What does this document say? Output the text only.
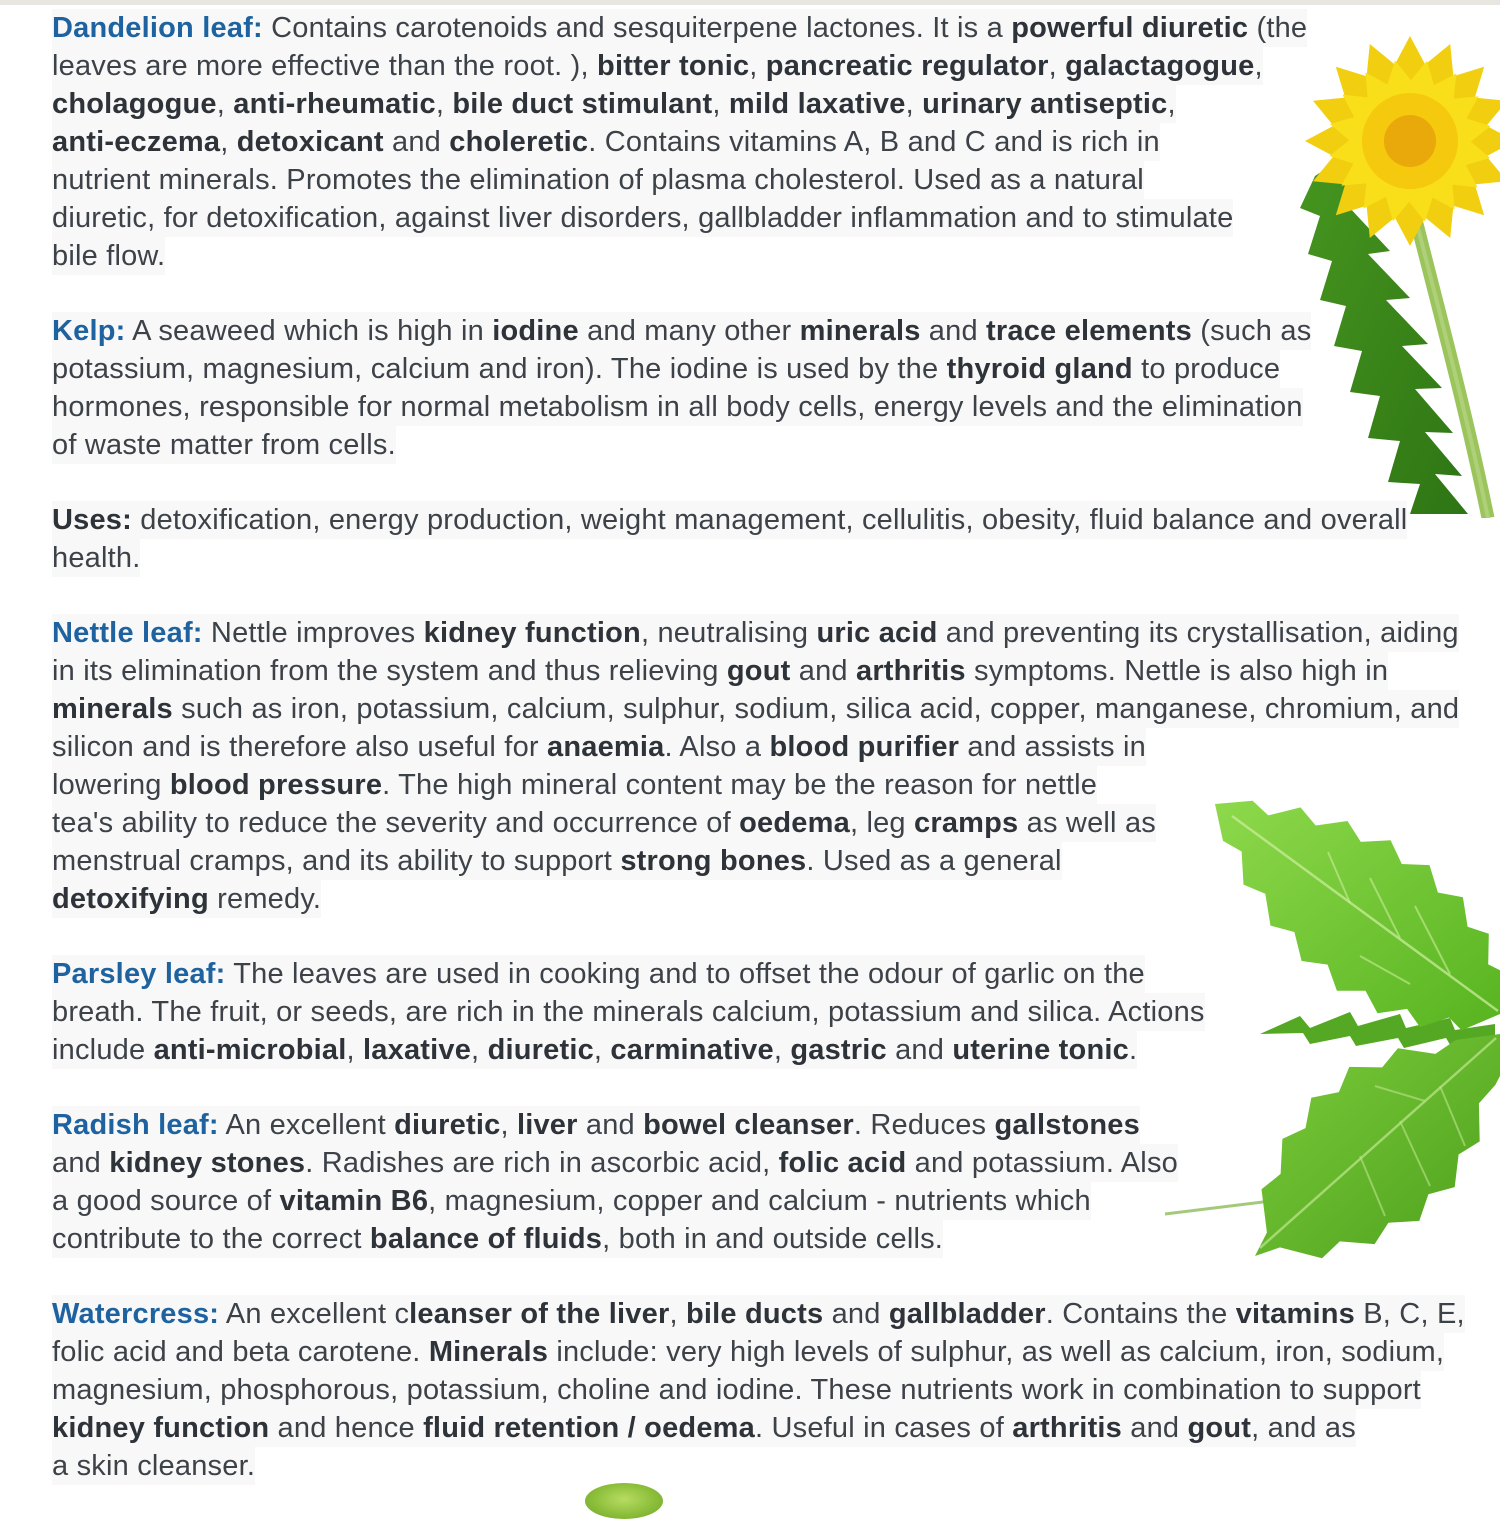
Dandelion leaf: Contains carotenoids and sesquiterpene lactones. It is a powerful diuretic (the
leaves are more effective than the root. ), bitter tonic, pancreatic regulator, galactagogue,
cholagogue, anti-rheumatic, bile duct stimulant, mild laxative, urinary antiseptic,
anti-eczema, detoxicant and choleretic. Contains vitamins A, B and C and is rich in
nutrient minerals. Promotes the elimination of plasma cholesterol. Used as a natural
diuretic, for detoxification, against liver disorders, gallbladder inflammation and to stimulate
bile flow.
Kelp: A seaweed which is high in iodine and many other minerals and trace elements (such as
potassium, magnesium, calcium and iron). The iodine is used by the thyroid gland to produce
hormones, responsible for normal metabolism in all body cells, energy levels and the elimination
of waste matter from cells.
Uses: detoxification, energy production, weight management, cellulitis, obesity, fluid balance and overall
health.
Nettle leaf: Nettle improves kidney function, neutralising uric acid and preventing its crystallisation, aiding
in its elimination from the system and thus relieving gout and arthritis symptoms. Nettle is also high in
minerals such as iron, potassium, calcium, sulphur, sodium, silica acid, copper, manganese, chromium, and
silicon and is therefore also useful for anaemia. Also a blood purifier and assists in
lowering blood pressure. The high mineral content may be the reason for nettle
tea's ability to reduce the severity and occurrence of oedema, leg cramps as well as
menstrual cramps, and its ability to support strong bones. Used as a general
detoxifying remedy.
Parsley leaf: The leaves are used in cooking and to offset the odour of garlic on the
breath. The fruit, or seeds, are rich in the minerals calcium, potassium and silica. Actions
include anti-microbial, laxative, diuretic, carminative, gastric and uterine tonic.
Radish leaf: An excellent diuretic, liver and bowel cleanser. Reduces gallstones
and kidney stones. Radishes are rich in ascorbic acid, folic acid and potassium. Also
a good source of vitamin B6, magnesium, copper and calcium - nutrients which
contribute to the correct balance of fluids, both in and outside cells.
Watercress: An excellent cleanser of the liver, bile ducts and gallbladder. Contains the vitamins B, C, E,
folic acid and beta carotene. Minerals include: very high levels of sulphur, as well as calcium, iron, sodium,
magnesium, phosphorous, potassium, choline and iodine. These nutrients work in combination to support
kidney function and hence fluid retention / oedema. Useful in cases of arthritis and gout, and as
a skin cleanser.
